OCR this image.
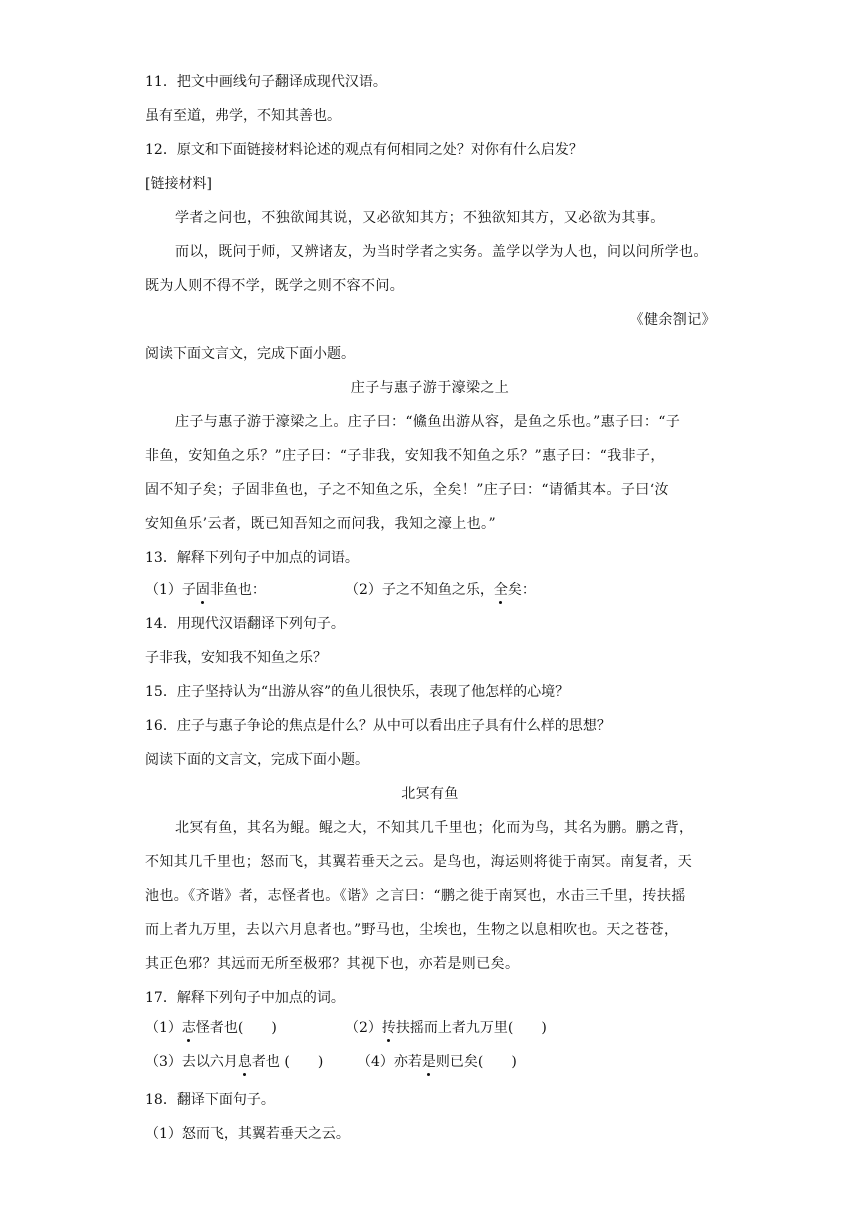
11．把文中画线句子翻译成现代汉语。
虽有至道，弗学，不知其善也。
12．原文和下面链接材料论述的观点有何相同之处？对你有什么启发？
[链接材料]
学者之问也，不独欲闻其说，又必欲知其方；不独欲知其方，又必欲为其事。
而以，既问于师，又辨诸友，为当时学者之实务。盖学以学为人也，问以问所学也。
既为人则不得不学，既学之则不容不问。
《健余劄记》
阅读下面文言文，完成下面小题。
庄子与惠子游于濠梁之上
庄子与惠子游于濠梁之上。庄子曰：“鯈鱼出游从容，是鱼之乐也。”惠子曰：“子
非鱼，安知鱼之乐？”庄子曰：“子非我，安知我不知鱼之乐？”惠子曰：“我非子，
固不知子矣；子固非鱼也，子之不知鱼之乐，全矣！”庄子曰：“请循其本。子曰‘汝
安知鱼乐’云者，既已知吾知之而问我，我知之濠上也。”
13．解释下列句子中加点的词语。
（1）子固非鱼也：	（2）子之不知鱼之乐，全矣：
14．用现代汉语翻译下列句子。
子非我，安知我不知鱼之乐？
15．庄子坚持认为“出游从容”的鱼儿很快乐，表现了他怎样的心境？
16．庄子与惠子争论的焦点是什么？从中可以看出庄子具有什么样的思想？
阅读下面的文言文，完成下面小题。
北冥有鱼
北冥有鱼，其名为鲲。鲲之大，不知其几千里也；化而为鸟，其名为鹏。鹏之背，
不知其几千里也；怒而飞，其翼若垂天之云。是鸟也，海运则将徙于南冥。南复者，天
池也。《齐谐》者，志怪者也。《谐》之言曰：“鹏之徙于南冥也，水击三千里，抟扶摇
而上者九万里，去以六月息者也。”野马也，尘埃也，生物之以息相吹也。天之苍苍，
其正色邪？其远而无所至极邪？其视下也，亦若是则已矣。
17．解释下列句子中加点的词。
（1）志怪者也(　　)	（2）抟扶摇而上者九万里(　　)
（3）去以六月息者也 (　　) （4）亦若是则已矣(　　)
18．翻译下面句子。
（1）怒而飞，其翼若垂天之云。
